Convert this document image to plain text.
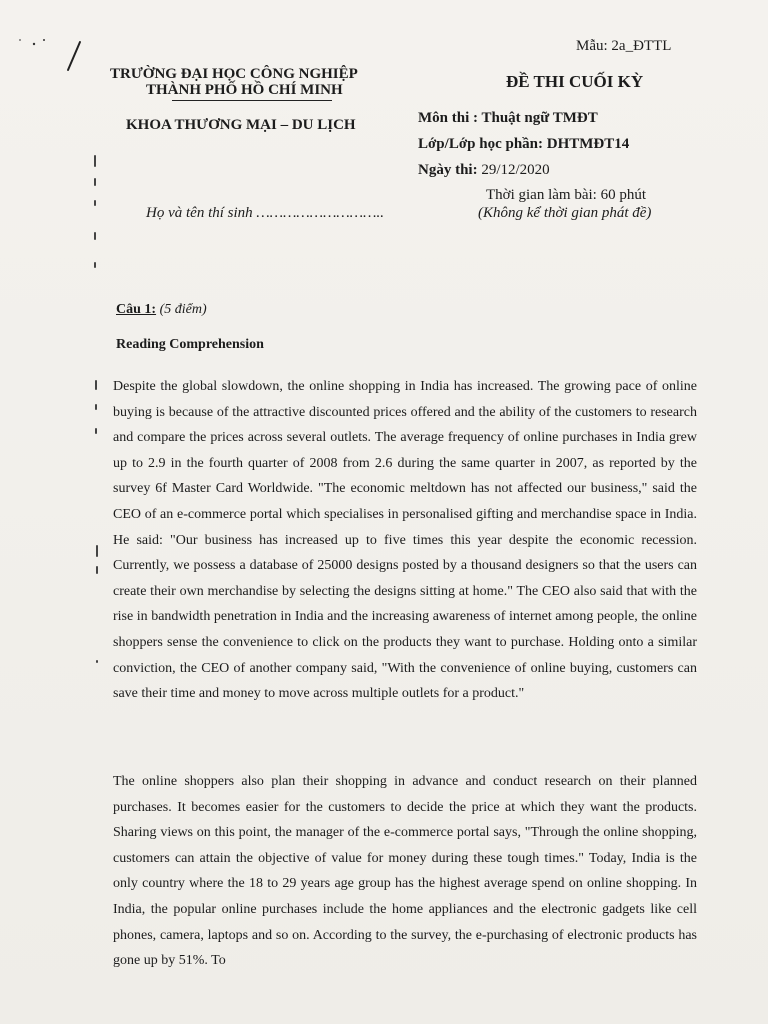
Mẫu: 2a_ĐTTL
TRƯỜNG ĐẠI HỌC CÔNG NGHIỆP
THÀNH PHỐ HỒ CHÍ MINH
KHOA THƯƠNG MẠI – DU LỊCH
ĐỀ THI CUỐI KỲ
Môn thi : Thuật ngữ TMĐT
Lớp/Lớp học phần: DHTMĐT14
Ngày thi: 29/12/2020
Thời gian làm bài: 60 phút
(Không kể thời gian phát đề)
Họ và tên thí sinh ………………………..
Câu 1: (5 điểm)
Reading Comprehension

Despite the global slowdown, the online shopping in India has increased. The growing pace of online buying is because of the attractive discounted prices offered and the ability of the customers to research and compare the prices across several outlets. The average frequency of online purchases in India grew up to 2.9 in the fourth quarter of 2008 from 2.6 during the same quarter in 2007, as reported by the survey 6f Master Card Worldwide. "The economic meltdown has not affected our business," said the CEO of an e-commerce portal which specialises in personalised gifting and merchandise space in India. He said: "Our business has increased up to five times this year despite the economic recession. Currently, we possess a database of 25000 designs posted by a thousand designers so that the users can create their own merchandise by selecting the designs sitting at home." The CEO also said that with the rise in bandwidth penetration in India and the increasing awareness of internet among people, the online shoppers sense the convenience to click on the products they want to purchase. Holding onto a similar conviction, the CEO of another company said, "With the convenience of online buying, customers can save their time and money to move across multiple outlets for a product."

The online shoppers also plan their shopping in advance and conduct research on their planned purchases. It becomes easier for the customers to decide the price at which they want the products. Sharing views on this point, the manager of the e-commerce portal says, "Through the online shopping, customers can attain the objective of value for money during these tough times." Today, India is the only country where the 18 to 29 years age group has the highest average spend on online shopping. In India, the popular online purchases include the home appliances and the electronic gadgets like cell phones, camera, laptops and so on. According to the survey, the e-purchasing of electronic products has gone up by 51%. To
